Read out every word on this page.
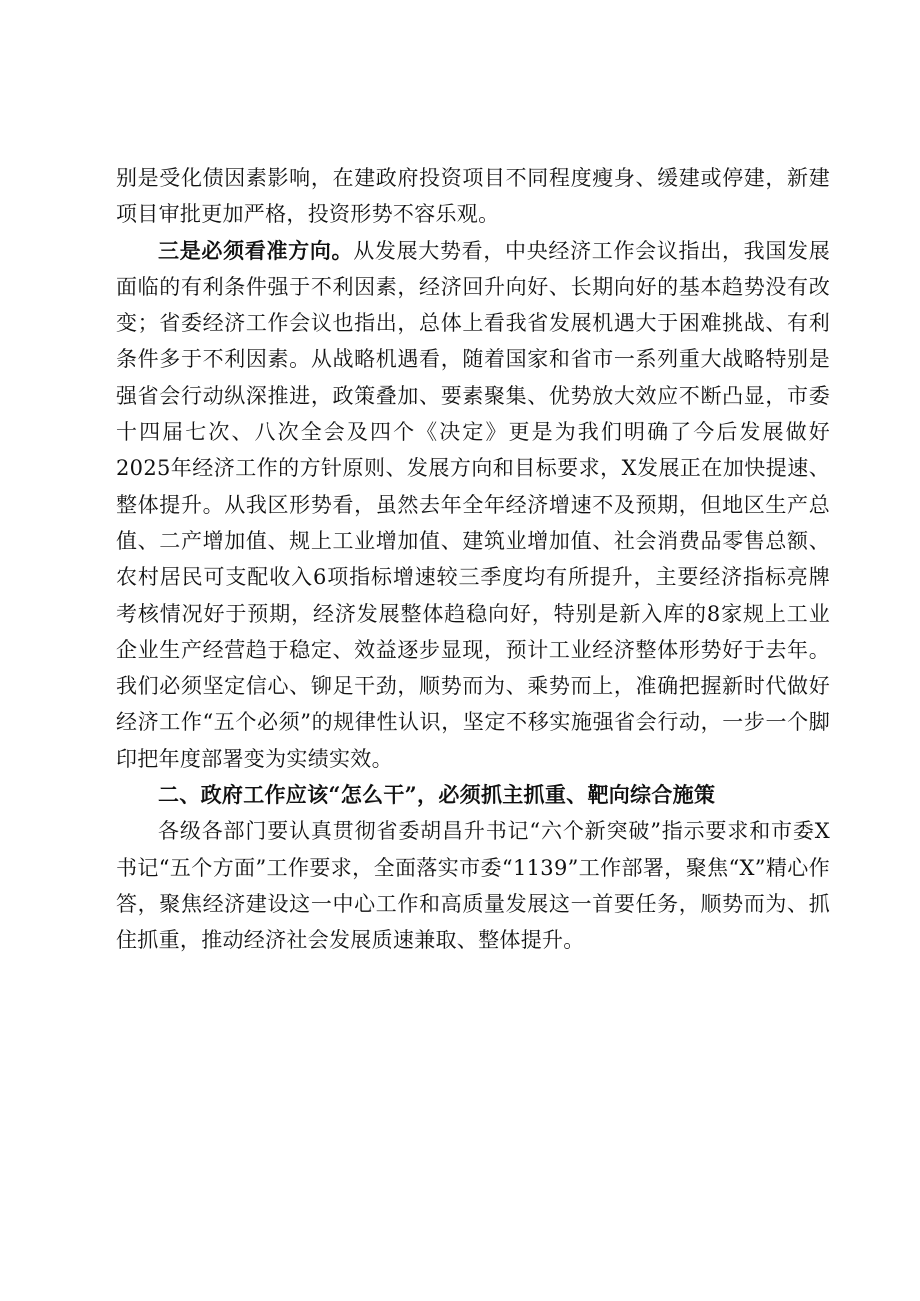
别是受化债因素影响，在建政府投资项目不同程度瘦身、缓建或停建，新建项目审批更加严格，投资形势不容乐观。

三是必须看准方向。从发展大势看，中央经济工作会议指出，我国发展面临的有利条件强于不利因素，经济回升向好、长期向好的基本趋势没有改变；省委经济工作会议也指出，总体上看我省发展机遇大于困难挑战、有利条件多于不利因素。从战略机遇看，随着国家和省市一系列重大战略特别是强省会行动纵深推进，政策叠加、要素聚集、优势放大效应不断凸显，市委十四届七次、八次全会及四个《决定》更是为我们明确了今后发展做好2025年经济工作的方针原则、发展方向和目标要求，X发展正在加快提速、整体提升。从我区形势看，虽然去年全年经济增速不及预期，但地区生产总值、二产增加值、规上工业增加值、建筑业增加值、社会消费品零售总额、农村居民可支配收入6项指标增速较三季度均有所提升，主要经济指标亮牌考核情况好于预期，经济发展整体趋稳向好，特别是新入库的8家规上工业企业生产经营趋于稳定、效益逐步显现，预计工业经济整体形势好于去年。我们必须坚定信心、铆足干劲，顺势而为、乘势而上，准确把握新时代做好经济工作“五个必须”的规律性认识，坚定不移实施强省会行动，一步一个脚印把年度部署变为实绩实效。

二、政府工作应该“怎么干”，必须抓主抓重、靶向综合施策

各级各部门要认真贯彻省委胡昌升书记“六个新突破”指示要求和市委X书记“五个方面”工作要求，全面落实市委“1139”工作部署，聚焦“X”精心作答，聚焦经济建设这一中心工作和高质量发展这一首要任务，顺势而为、抓住抓重，推动经济社会发展质速兼取、整体提升。
